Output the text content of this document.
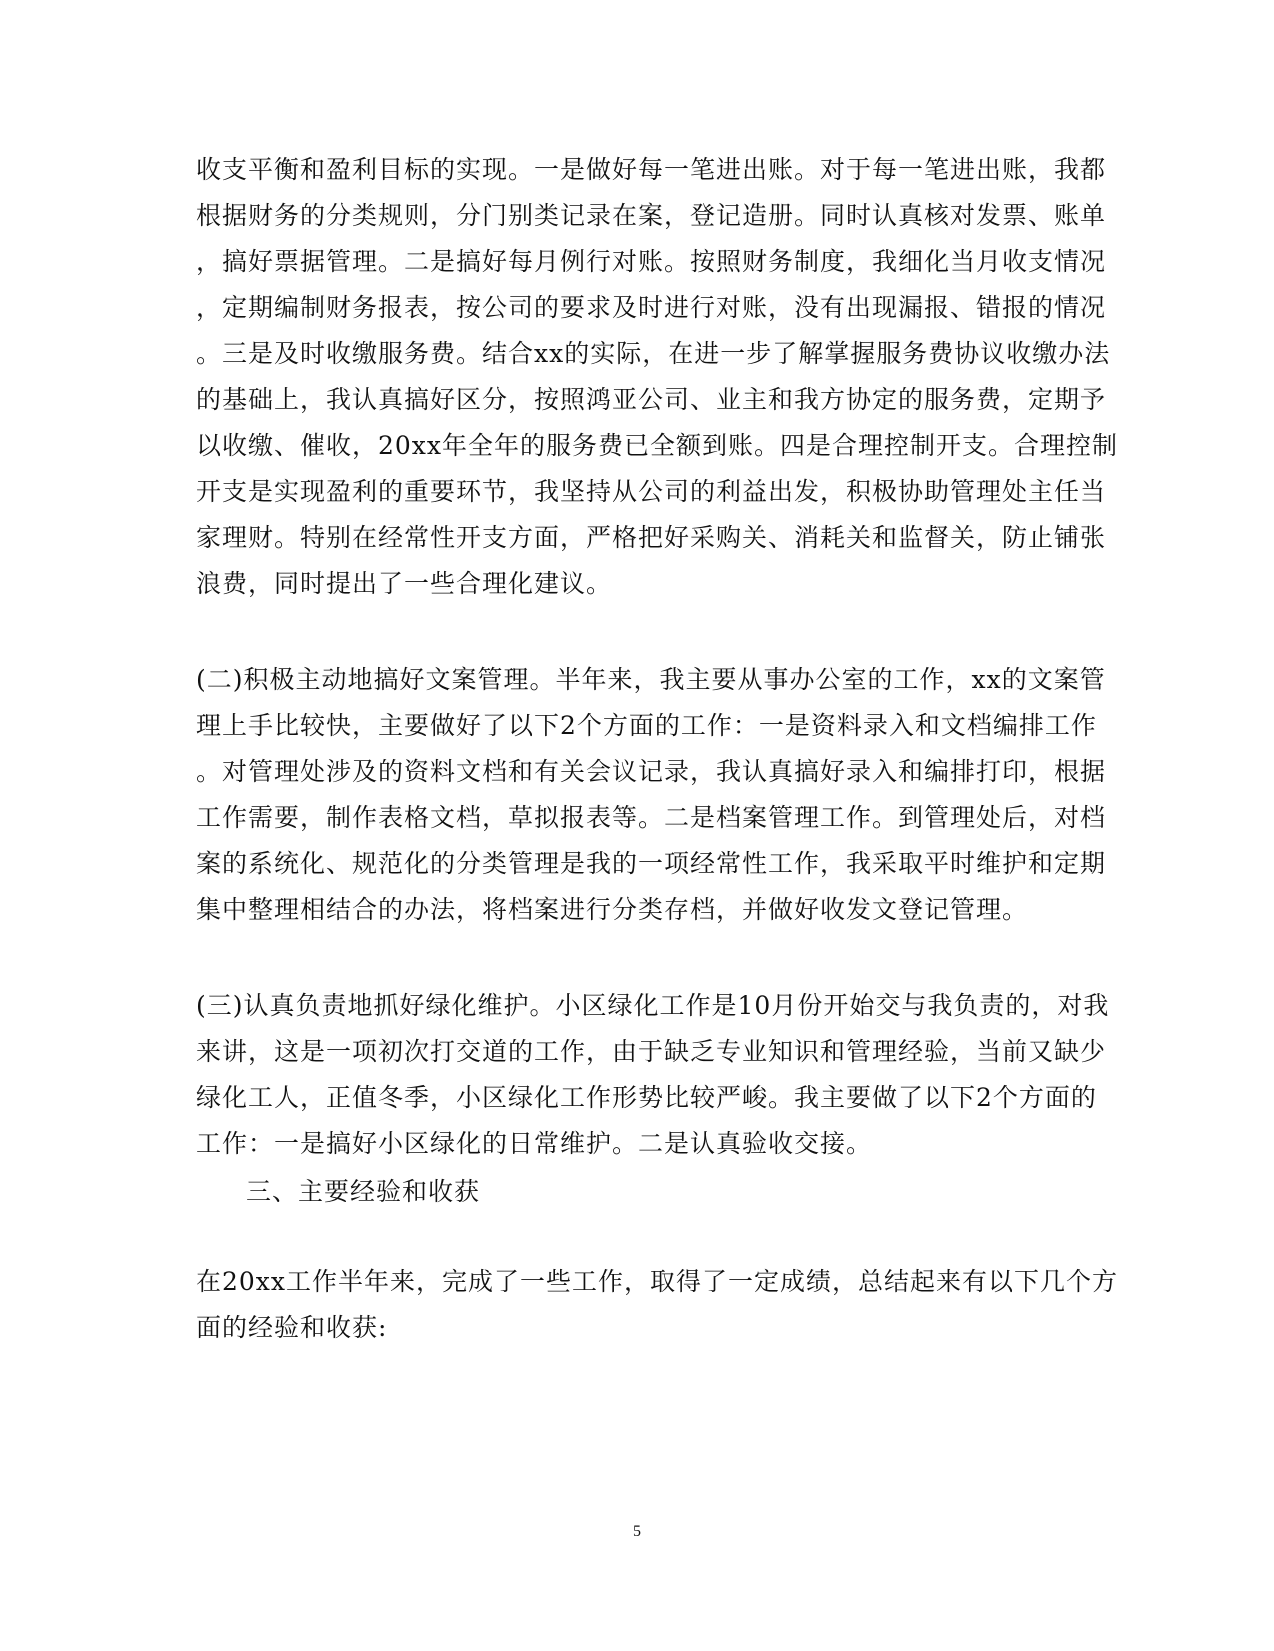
收支平衡和盈利目标的实现。一是做好每一笔进出账。对于每一笔进出账，我都
根据财务的分类规则，分门别类记录在案，登记造册。同时认真核对发票、账单
，搞好票据管理。二是搞好每月例行对账。按照财务制度，我细化当月收支情况
，定期编制财务报表，按公司的要求及时进行对账，没有出现漏报、错报的情况
。三是及时收缴服务费。结合xx的实际，在进一步了解掌握服务费协议收缴办法
的基础上，我认真搞好区分，按照鸿亚公司、业主和我方协定的服务费，定期予
以收缴、催收，20xx年全年的服务费已全额到账。四是合理控制开支。合理控制
开支是实现盈利的重要环节，我坚持从公司的利益出发，积极协助管理处主任当
家理财。特别在经常性开支方面，严格把好采购关、消耗关和监督关，防止铺张
浪费，同时提出了一些合理化建议。
(二)积极主动地搞好文案管理。半年来，我主要从事办公室的工作，xx的文案管
理上手比较快，主要做好了以下2个方面的工作：一是资料录入和文档编排工作
。对管理处涉及的资料文档和有关会议记录，我认真搞好录入和编排打印，根据
工作需要，制作表格文档，草拟报表等。二是档案管理工作。到管理处后，对档
案的系统化、规范化的分类管理是我的一项经常性工作，我采取平时维护和定期
集中整理相结合的办法，将档案进行分类存档，并做好收发文登记管理。
(三)认真负责地抓好绿化维护。小区绿化工作是10月份开始交与我负责的，对我
来讲，这是一项初次打交道的工作，由于缺乏专业知识和管理经验，当前又缺少
绿化工人，正值冬季，小区绿化工作形势比较严峻。我主要做了以下2个方面的
工作：一是搞好小区绿化的日常维护。二是认真验收交接。
三、主要经验和收获
在20xx工作半年来，完成了一些工作，取得了一定成绩，总结起来有以下几个方
面的经验和收获:
5
